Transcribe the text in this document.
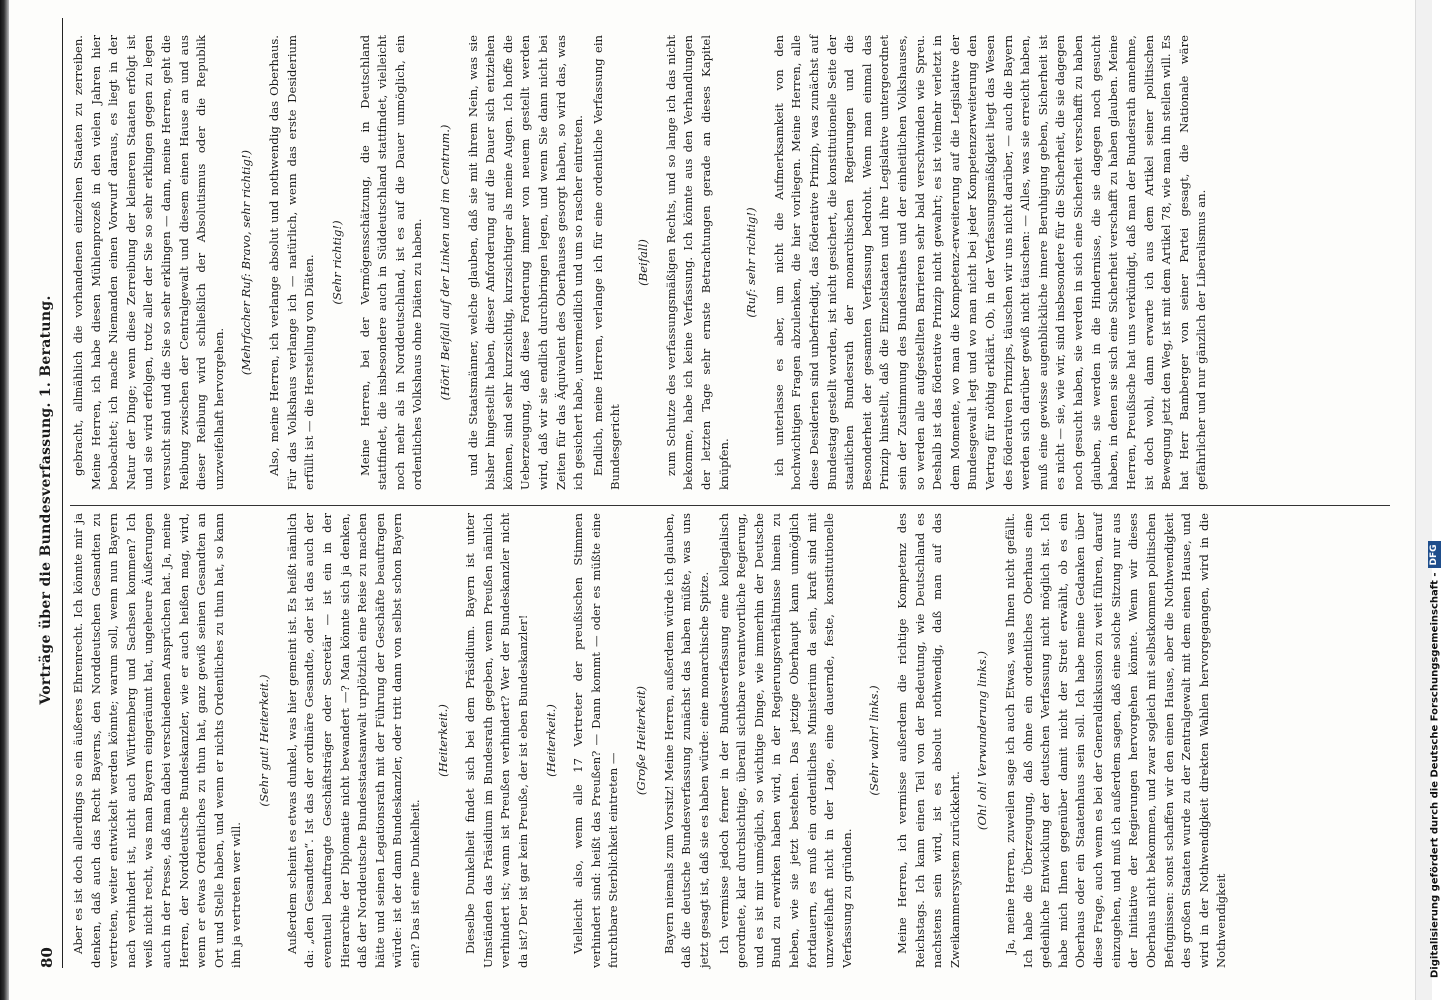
80
Vorträge über die Bundesverfassung. 1. Beratung.

Aber es ist doch allerdings so ein äußeres Ehrenrecht. Ich könnte mir ja denken, daß auch das Recht Bayerns, den Norddeutschen Gesandten zu vertreten, weiter entwickelt werden könnte; warum soll, wenn nun Bayern nach verhindert ist, nicht auch Württemberg und Sachsen kommen? Ich weiß nicht recht, was man Bayern eingeräumt hat, ungeheure Äußerungen auch in der Presse, daß man dabei verschiedenen Ansprüchen hat. Ja, meine Herren, der Norddeutsche Bundeskanzler, wie er auch heißen mag, wird, wenn er etwas Ordentliches zu thun hat, ganz gewiß seinen Gesandten an Ort und Stelle haben, und wenn er nichts Ordentliches zu thun hat, so kann ihn ja vertreten wer will.

(Sehr gut! Heiterkeit.) Außerdem scheint es etwas dunkel, was hier gemeint ist. Es heißt nämlich da: „den Gesandten“. Ist das der ordinäre Gesandte, oder ist das auch der eventuell beauftragte Geschäftsträger oder Secretär — ist ein in der Hierarchie der Diplomatie nicht bewandert —? Man könnte sich ja denken, daß der Norddeutsche Bundesstaatsanwalt urplötzlich eine Reise zu machen hätte und seinen Legationsrath mit der Führung der Geschäfte beauftragen würde: ist der dann Bundeskanzler, oder tritt dann von selbst schon Bayern ein? Das ist eine Dunkelheit.

(Heiterkeit.) Dieselbe Dunkelheit findet sich bei dem Präsidium. Bayern ist unter Umständen das Präsidium im Bundesrath gegeben, wenn Preußen nämlich verhindert ist; wann ist Preußen verhindert? Wer der Bundeskanzler nicht da ist? Der ist gar kein Preuße, der ist eben Bundeskanzler! (Heiterkeit.) Vielleicht also, wenn alle 17 Vertreter der preußischen Stimmen verhindert sind: heißt das Preußen? — Dann kommt — oder es müßte eine furchtbare Sterblichkeit eintreten —

(Große Heiterkeit) Bayern niemals zum Vorsitz! Meine Herren, außerdem würde ich glauben, daß die deutsche Bundesverfassung zunächst das haben müßte, was uns jetzt gesagt ist, daß sie es haben würde: eine monarchische Spitze. Ich vermisse jedoch ferner in der Bundesverfassung eine kollegialisch geordnete, klar durchsichtige, überall sichtbare verantwortliche Regierung, und es ist mir unmöglich, so wichtige Dinge, wie immerhin der Deutsche Bund zu erwirken haben wird, in der Regierungsverhältnisse hinein zu heben, wie sie jetzt bestehen. Das jetzige Oberhaupt kann unmöglich fortdauern, es muß ein ordentliches Ministerium da sein, kraft sind mit unzweifelhaft nicht in der Lage, eine dauernde, feste, konstitutionelle Verfassung zu gründen.

(Sehr wahr! links.) Meine Herren, ich vermisse außerdem die richtige Kompetenz des Reichstags. Ich kann einen Teil von der Bedeutung, wie Deutschland es nachstens sein wird, ist es absolut nothwendig, daß man auf das Zweikammersystem zurückkehrt.

(Oh! oh! Verwunderung links.) Ja, meine Herren, zuweilen sage ich auch Etwas, was Ihnen nicht gefällt. Ich habe die Überzeugung, daß ohne ein ordentliches Oberhaus eine gedeihliche Entwicklung der deutschen Verfassung nicht möglich ist. Ich habe mich Ihnen gegenüber damit nicht der Streit erwählt, ob es ein Oberhaus oder ein Staatenhaus sein soll. Ich habe meine Gedanken über diese Frage, auch wenn es bei der Generaldiskussion zu weit führen, darauf einzugehen, und muß ich außerdem sagen, daß eine solche Sitzung nur aus der Initiative der Regierungen hervorgehen könnte. Wenn wir dieses Oberhaus nicht bekommen, und zwar sogleich mit selbstkommen politischen Befugnissen: sonst schaffen wir den einen Hause, aber die Nothwendigkeit des großen Staaten wurde zu der Zentralgewalt mit dem einen Hause, und wird in der Nothwendigkeit direkten Wahlen hervorgegangen, wird in die Nothwendigkeit

gebracht, allmählich die vorhandenen einzelnen Staaten zu zerreiben. Meine Herren, ich habe diesen Mühlenprozeß in den vielen Jahren hier beobachtet; ich mache Niemanden einen Vorwurf daraus, es liegt in der Natur der Dinge; wenn diese Zerreibung der kleineren Staaten erfolgt ist und sie wird erfolgen, trotz aller der Sie so sehr erklingen gegen zu legen versucht sind und die Sie so sehr erklingen — dann, meine Herren, geht die Reibung zwischen der Centralgewalt und diesem einen Hause an und aus dieser Reibung wird schließlich der Absolutismus oder die Republik unzweifelhaft hervorgehen.

(Mehrfacher Ruf: Bravo, sehr richtig!) Also, meine Herren, ich verlange absolut und nothwendig das Oberhaus. Für das Volkshaus verlange ich — natürlich, wenn das erste Desiderium erfüllt ist — die Herstellung von Diäten. (Sehr richtig!) Meine Herren, bei der Vermögensschätzung, die in Deutschland stattfindet, die insbesondere auch in Süddeutschland stattfindet, vielleicht noch mehr als in Norddeutschland, ist es auf die Dauer unmöglich, ein ordentliches Volkshaus ohne Diäten zu haben. (Hört! Beifall auf der Linken und im Centrum.) und die Staatsmänner, welche glauben, daß sie mit ihrem Nein, was sie bisher hingestellt haben, dieser Anforderung auf die Dauer sich entziehen können, sind sehr kurzsichtig, kurzsichtiger als meine Augen. Ich hoffe die Ueberzeugung, daß diese Forderung immer von neuem gestellt werden wird, daß wir sie endlich durchbringen legen, und wenn Sie dann nicht bei Zeiten für das Äquivalent des Oberhauses gesorgt haben, so wird das, was ich gesichert habe, unvermeidlich und um so rascher eintreten. Endlich, meine Herren, verlange ich für eine ordentliche Verfassung ein Bundesgericht

(Beifall) zum Schutze des verfassungsmäßigen Rechts, und so lange ich das nicht bekomme, habe ich keine Verfassung. Ich könnte aus den Verhandlungen der letzten Tage sehr ernste Betrachtungen gerade an dieses Kapitel knüpfen.

(Ruf: sehr richtig!) ich unterlasse es aber, um nicht die Aufmerksamkeit von den hochwichtigen Fragen abzulenken, die hier vorliegen. Meine Herren, alle diese Desiderien sind unbefriedigt, das föderative Prinzip, was zunächst auf Bundestag gestellt worden, ist nicht gesichert, die konstitutionelle Seite der staatlichen Bundesrath der monarchischen Regierungen und die Besonderheit der gesamten Verfassung bedroht. Wenn man einmal das Prinzip hinstellt, daß die Einzelstaaten und ihre Legislative untergeordnet sein der Zustimmung des Bundesrathes und der einheitlichen Volkshauses, so werden alle aufgestellten Barrieren sehr bald verschwinden wie Spreu. Deshalb ist das föderative Prinzip nicht gewahrt; es ist vielmehr verletzt in dem Momente, wo man die Kompetenz-erweiterung auf die Legislative der Bundesgewalt legt und wo man nicht bei jeder Kompetenzerweiterung den Vertrag für nöthig erklärt. Ob, in der Verfassungsmäßigkeit liegt das Wesen des föderativen Prinzips, täuschen wir uns nicht darüber, — auch die Bayern werden sich darüber gewiß nicht täuschen: — Alles, was sie erreicht haben, muß eine gewisse augenblickliche innere Beruhigung geben, Sicherheit ist es nicht — sie, wie wir, sind insbesondere für die Sicherheit, die sie dagegen noch gesucht haben, sie werden in sich eine Sicherheit verschafft zu haben glauben, sie werden in die Hindernisse, die sie dagegen noch gesucht haben, in denen sie sich eine Sicherheit verschafft zu haben glauben. Meine Herren, Preußische hat uns verkündigt, daß man der Bundesrath annehme, ist doch wohl, dann erwarte ich aus dem Artikel seiner politischen Bewegung jetzt den Weg, ist mit dem Artikel 78, wie man ihn stellen will. Es hat Herr Bamberger von seiner Partei gesagt, die Nationale wäre gefährlicher und nur gänzlich der Liberalismus an.

Digitalisierung gefördert durch die Deutsche Forschungsgemeinschaft -DFG
